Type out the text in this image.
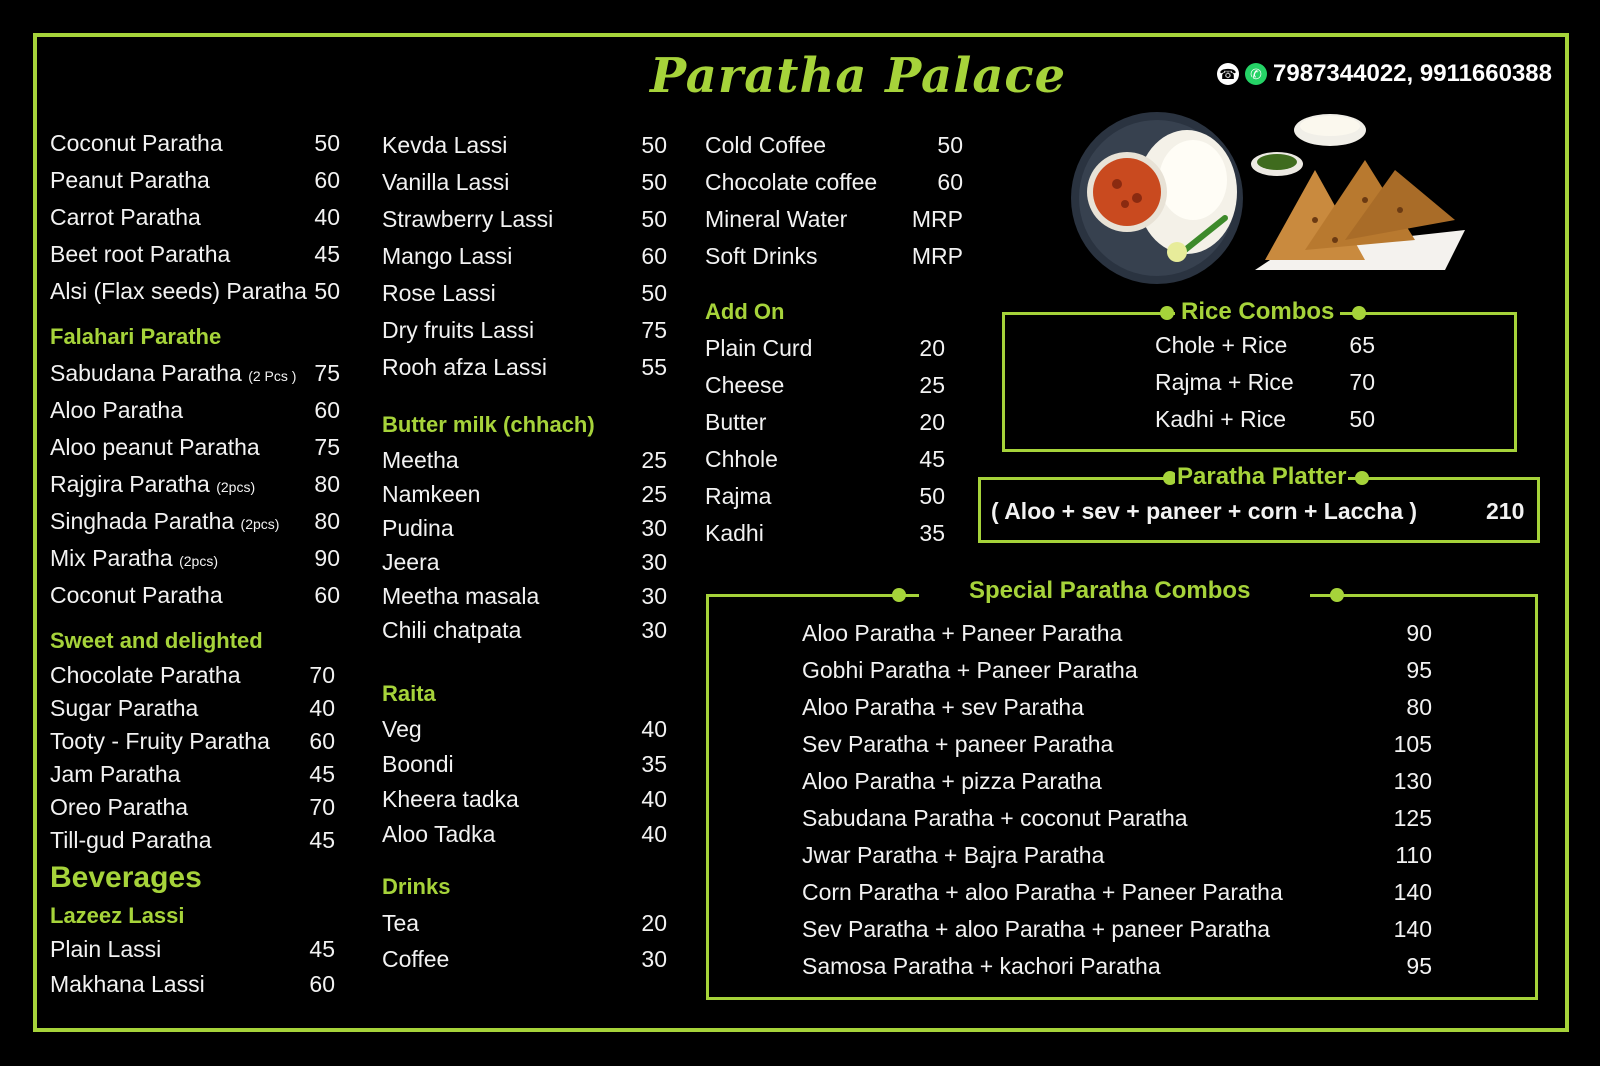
Paratha Palace	☎ ✆ 7987344022, 9911660388
Coconut Paratha	50
Peanut Paratha	60
Carrot Paratha	40
Beet root Paratha	45
Alsi (Flax seeds) Paratha 50
Falahari Parathe
Sabudana Paratha (2 Pcs ) 75
Aloo Paratha	60
Aloo peanut Paratha	75
Rajgira Paratha (2pcs)	80
Singhada Paratha (2pcs)	80
Mix Paratha (2pcs)	90
Coconut Paratha	60
Sweet and delighted
Chocolate Paratha	70
Sugar Paratha	40
Tooty - Fruity Paratha	60
Jam Paratha	45
Oreo Paratha	70
Till-gud Paratha	45
Beverages
Lazeez Lassi
Plain Lassi	45
Makhana Lassi	60
Kevda Lassi	50
Vanilla Lassi	50
Strawberry Lassi	50
Mango Lassi	60
Rose Lassi	50
Dry fruits Lassi	75
Rooh afza Lassi	55
Butter milk (chhach)
Meetha	25
Namkeen	25
Pudina	30
Jeera	30
Meetha masala	30
Chili chatpata	30
Raita
Veg	40
Boondi	35
Kheera tadka	40
Aloo Tadka	40
Drinks
Tea	20
Coffee	30
Cold Coffee	50
Chocolate coffee	60
Mineral Water	MRP
Soft Drinks	MRP
Add On
Plain Curd	20
Cheese	25
Butter	20
Chhole	45
Rajma	50
Kadhi	35
Rice Combos
Chole + Rice	65
Rajma + Rice	70
Kadhi + Rice	50
Paratha Platter
( Aloo + sev + paneer + corn + Laccha )	210
Special Paratha Combos
Aloo Paratha + Paneer Paratha	90
Gobhi Paratha + Paneer Paratha	95
Aloo Paratha + sev Paratha	80
Sev Paratha + paneer Paratha	105
Aloo Paratha + pizza Paratha	130
Sabudana Paratha + coconut Paratha	125
Jwar Paratha + Bajra Paratha	110
Corn Paratha + aloo Paratha + Paneer Paratha	140
Sev Paratha + aloo Paratha + paneer Paratha	140
Samosa Paratha + kachori Paratha	95
